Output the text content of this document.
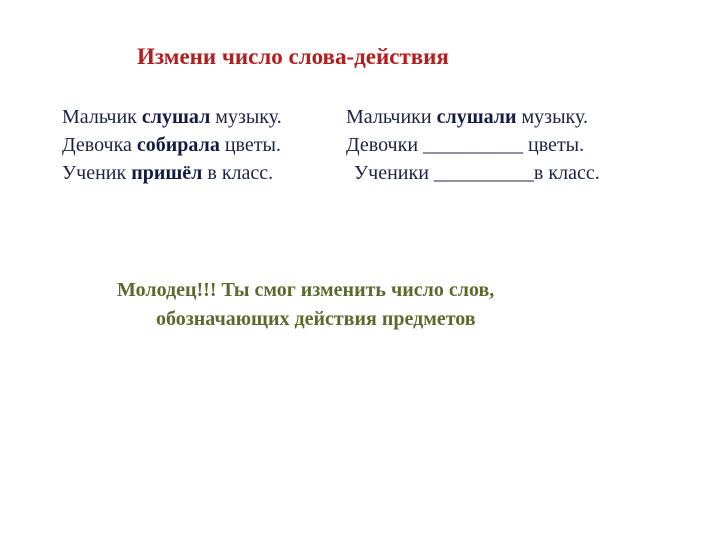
Измени число слова-действия
Мальчик слушал музыку.	Мальчики слушали музыку.
Девочка собирала цветы.	Девочки __________ цветы.
Ученик пришёл в класс.	Ученики __________в класс.
Молодец!!! Ты смог изменить число слов,
обозначающих действия предметов
